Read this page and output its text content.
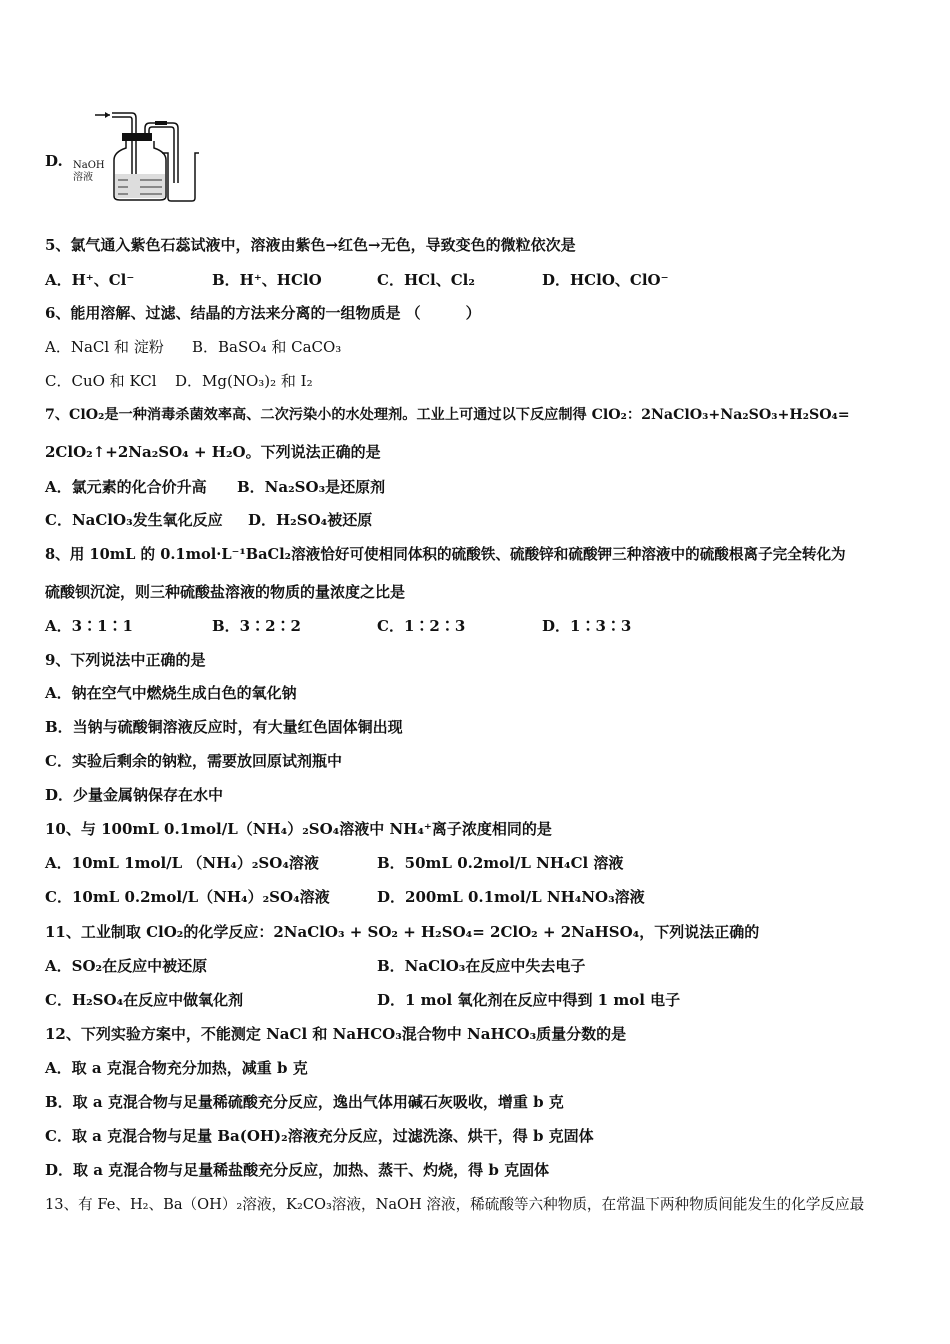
D. NaOH
溶液
5、氯气通入紫色石蕊试液中，溶液由紫色→红色→无色，导致变色的微粒依次是
A．H⁺、Cl⁻	B．H⁺、HClO	C．HCl、Cl₂	D．HClO、ClO⁻
6、能用溶解、过滤、结晶的方法来分离的一组物质是 （　　　）
A．NaCl 和 淀粉 B．BaSO₄ 和 CaCO₃
C．CuO 和 KCl D．Mg(NO₃)₂ 和 I₂
7、ClO₂是一种消毒杀菌效率高、二次污染小的水处理剂。工业上可通过以下反应制得 ClO₂：2NaClO₃+Na₂SO₃+H₂SO₄=
2ClO₂↑+2Na₂SO₄ + H₂O。下列说法正确的是
A．氯元素的化合价升高 B．Na₂SO₃是还原剂
C．NaClO₃发生氧化反应 D．H₂SO₄被还原
8、用 10mL 的 0.1mol·L⁻¹BaCl₂溶液恰好可使相同体积的硫酸铁、硫酸锌和硫酸钾三种溶液中的硫酸根离子完全转化为
硫酸钡沉淀，则三种硫酸盐溶液的物质的量浓度之比是
A．3∶1∶1	B．3∶2∶2	C．1∶2∶3	D．1∶3∶3
9、下列说法中正确的是
A．钠在空气中燃烧生成白色的氧化钠
B．当钠与硫酸铜溶液反应时，有大量红色固体铜出现
C．实验后剩余的钠粒，需要放回原试剂瓶中
D．少量金属钠保存在水中
10、与 100mL 0.1mol/L（NH₄）₂SO₄溶液中 NH₄⁺离子浓度相同的是
A．10mL 1mol/L （NH₄）₂SO₄溶液	B．50mL 0.2mol/L NH₄Cl 溶液
C．10mL 0.2mol/L（NH₄）₂SO₄溶液	D．200mL 0.1mol/L NH₄NO₃溶液
11、工业制取 ClO₂的化学反应：2NaClO₃ + SO₂ + H₂SO₄= 2ClO₂ + 2NaHSO₄，下列说法正确的
A．SO₂在反应中被还原	B．NaClO₃在反应中失去电子
C．H₂SO₄在反应中做氧化剂	D．1 mol 氧化剂在反应中得到 1 mol 电子
12、下列实验方案中，不能测定 NaCl 和 NaHCO₃混合物中 NaHCO₃质量分数的是
A．取 a 克混合物充分加热，减重 b 克
B．取 a 克混合物与足量稀硫酸充分反应，逸出气体用碱石灰吸收，增重 b 克
C．取 a 克混合物与足量 Ba(OH)₂溶液充分反应，过滤洗涤、烘干，得 b 克固体
D．取 a 克混合物与足量稀盐酸充分反应，加热、蒸干、灼烧，得 b 克固体
13、有 Fe、H₂、Ba（OH）₂溶液，K₂CO₃溶液，NaOH 溶液，稀硫酸等六种物质，在常温下两种物质间能发生的化学反应最
